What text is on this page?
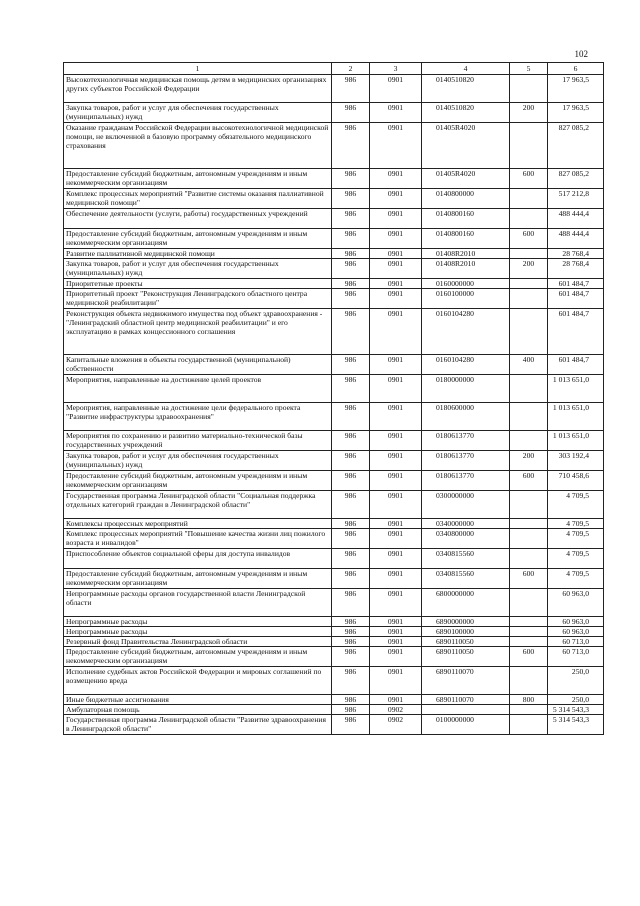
102
1	2	3	4	5	6
Высокотехнологичная медицинская помощь детям в медицинских организациях других субъектов Российской Федерации	986	0901	0140510820		17 963,5
Закупка товаров, работ и услуг для обеспечения государственных (муниципальных) нужд	986	0901	0140510820	200	17 963,5
Оказание гражданам Российской Федерации высокотехнологичной медицинской помощи, не включенной в базовую программу обязательного медицинского страхования	986	0901	01405R4020		827 085,2
Предоставление субсидий бюджетным, автономным учреждениям и иным некоммерческим организациям	986	0901	01405R4020	600	827 085,2
Комплекс процессных мероприятий "Развитие системы оказания паллиативной медицинской помощи"	986	0901	0140800000		517 212,8
Обеспечение деятельности (услуги, работы) государственных учреждений	986	0901	0140800160		488 444,4
Предоставление субсидий бюджетным, автономным учреждениям и иным некоммерческим организациям	986	0901	0140800160	600	488 444,4
Развитие паллиативной медицинской помощи	986	0901	01408R2010		28 768,4
Закупка товаров, работ и услуг для обеспечения государственных (муниципальных) нужд	986	0901	01408R2010	200	28 768,4
Приоритетные проекты	986	0901	0160000000		601 484,7
Приоритетный проект "Реконструкция Ленинградского областного центра медицинской реабилитации"	986	0901	0160100000		601 484,7
Реконструкция объекта недвижимого имущества под объект здравоохранения - "Ленинградский областной центр медицинской реабилитации" и его эксплуатацию в рамках концессионного соглашения	986	0901	0160104280		601 484,7
Капитальные вложения в объекты государственной (муниципальной) собственности	986	0901	0160104280	400	601 484,7
Мероприятия, направленные на достижение целей проектов	986	0901	0180000000		1 013 651,0
Мероприятия, направленные на достижение цели федерального проекта "Развитие инфраструктуры здравоохранения"	986	0901	0180600000		1 013 651,0
Мероприятия по сохранению и развитию материально-технической базы государственных учреждений	986	0901	0180613770		1 013 651,0
Закупка товаров, работ и услуг для обеспечения государственных (муниципальных) нужд	986	0901	0180613770	200	303 192,4
Предоставление субсидий бюджетным, автономным учреждениям и иным некоммерческим организациям	986	0901	0180613770	600	710 458,6
Государственная программа Ленинградской области "Социальная поддержка отдельных категорий граждан в Ленинградской области"	986	0901	0300000000		4 709,5
Комплексы процессных мероприятий	986	0901	0340000000		4 709,5
Комплекс процессных мероприятий "Повышение качества жизни лиц пожилого возраста и инвалидов"	986	0901	0340800000		4 709,5
Приспособление объектов социальной сферы для доступа инвалидов	986	0901	0340815560		4 709,5
Предоставление субсидий бюджетным, автономным учреждениям и иным некоммерческим организациям	986	0901	0340815560	600	4 709,5
Непрограммные расходы органов государственной власти Ленинградской области	986	0901	6800000000		60 963,0
Непрограммные расходы	986	0901	6890000000		60 963,0
Непрограммные расходы	986	0901	6890100000		60 963,0
Резервный фонд Правительства Ленинградской области	986	0901	6890110050		60 713,0
Предоставление субсидий бюджетным, автономным учреждениям и иным некоммерческим организациям	986	0901	6890110050	600	60 713,0
Исполнение судебных актов Российской Федерации и мировых соглашений по возмещению вреда	986	0901	6890110070		250,0
Иные бюджетные ассигнования	986	0901	6890110070	800	250,0
Амбулаторная помощь	986	0902			5 314 543,3
Государственная программа Ленинградской области "Развитие здравоохранения в Ленинградской области"	986	0902	0100000000		5 314 543,3
